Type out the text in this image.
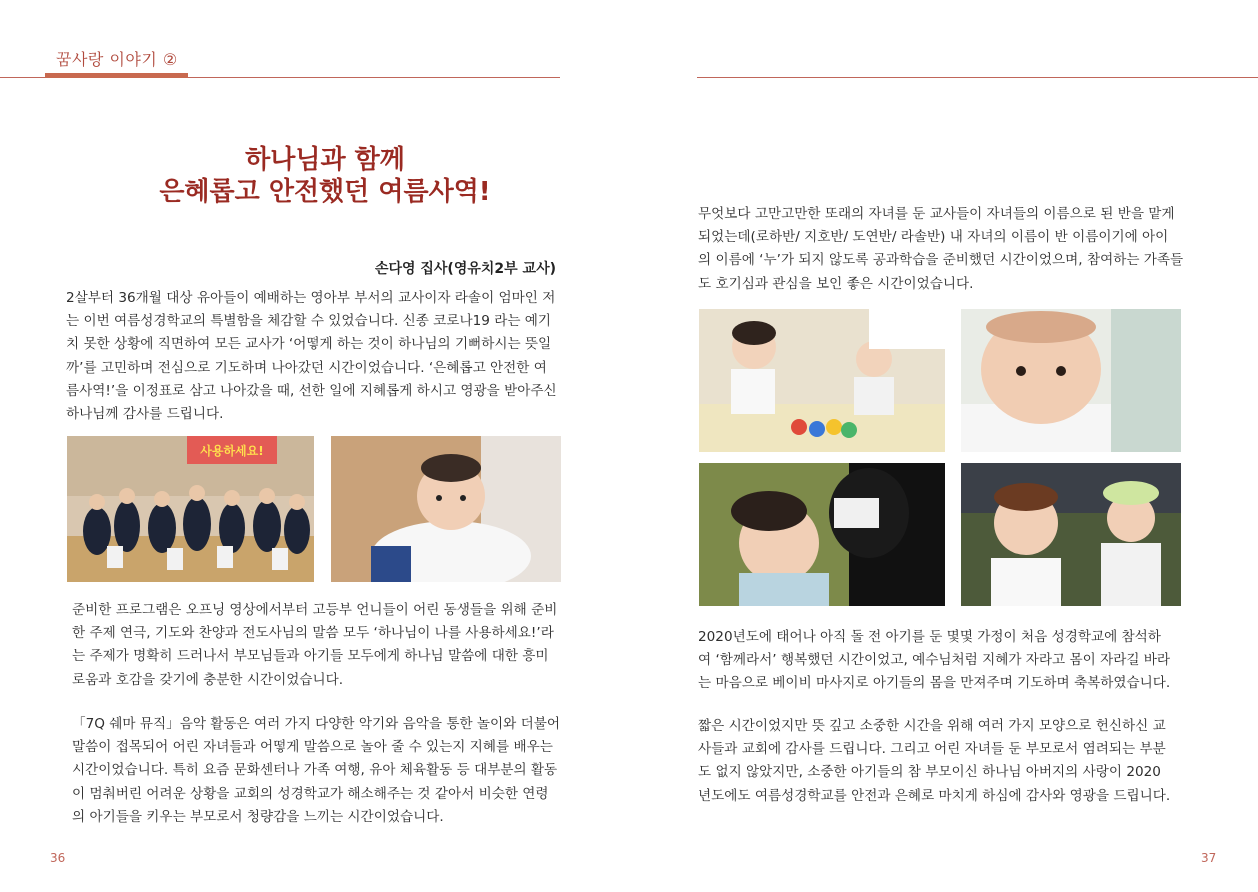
꿈사랑 이야기 ②
하나님과 함께
은혜롭고 안전했던 여름사역!
손다영 집사(영유치2부 교사)

2살부터 36개월 대상 유아들이 예배하는 영아부 부서의 교사이자 라솔이 엄마인 저
는 이번 여름성경학교의 특별함을 체감할 수 있었습니다. 신종 코로나19 라는 예기
치 못한 상황에 직면하여 모든 교사가 ‘어떻게 하는 것이 하나님의 기뻐하시는 뜻일
까’를 고민하며 전심으로 기도하며 나아갔던 시간이었습니다. ‘은혜롭고 안전한 여
름사역!’을 이정표로 삼고 나아갔을 때, 선한 일에 지혜롭게 하시고 영광을 받아주신
하나님께 감사를 드립니다.

사용하세요!

준비한 프로그램은 오프닝 영상에서부터 고등부 언니들이 어린 동생들을 위해 준비
한 주제 연극, 기도와 찬양과 전도사님의 말씀 모두 ‘하나님이 나를 사용하세요!’라
는 주제가 명확히 드러나서 부모님들과 아기들 모두에게 하나님 말씀에 대한 흥미
로움과 호감을 갖기에 충분한 시간이었습니다.

「7Q 쉐마 뮤직」음악 활동은 여러 가지 다양한 악기와 음악을 통한 놀이와 더불어
말씀이 접목되어 어린 자녀들과 어떻게 말씀으로 놀아 줄 수 있는지 지혜를 배우는
시간이었습니다. 특히 요즘 문화센터나 가족 여행, 유아 체육활동 등 대부분의 활동
이 멈춰버린 어려운 상황을 교회의 성경학교가 해소해주는 것 같아서 비슷한 연령
의 아기들을 키우는 부모로서 청량감을 느끼는 시간이었습니다.

36

무엇보다 고만고만한 또래의 자녀를 둔 교사들이 자녀들의 이름으로 된 반을 맡게
되었는데(로하반/ 지호반/ 도연반/ 라솔반) 내 자녀의 이름이 반 이름이기에 아이
의 이름에 ‘누’가 되지 않도록 공과학습을 준비했던 시간이었으며, 참여하는 가족들
도 호기심과 관심을 보인 좋은 시간이었습니다.

2020년도에 태어나 아직 돌 전 아기를 둔 몇몇 가정이 처음 성경학교에 참석하
여 ‘함께라서’ 행복했던 시간이었고, 예수님처럼 지혜가 자라고 몸이 자라길 바라
는 마음으로 베이비 마사지로 아기들의 몸을 만져주며 기도하며 축복하였습니다.

짧은 시간이었지만 뜻 깊고 소중한 시간을 위해 여러 가지 모양으로 헌신하신 교
사들과 교회에 감사를 드립니다. 그리고 어린 자녀들 둔 부모로서 염려되는 부분
도 없지 않았지만, 소중한 아기들의 참 부모이신 하나님 아버지의 사랑이 2020
년도에도 여름성경학교를 안전과 은혜로 마치게 하심에 감사와 영광을 드립니다.

37
